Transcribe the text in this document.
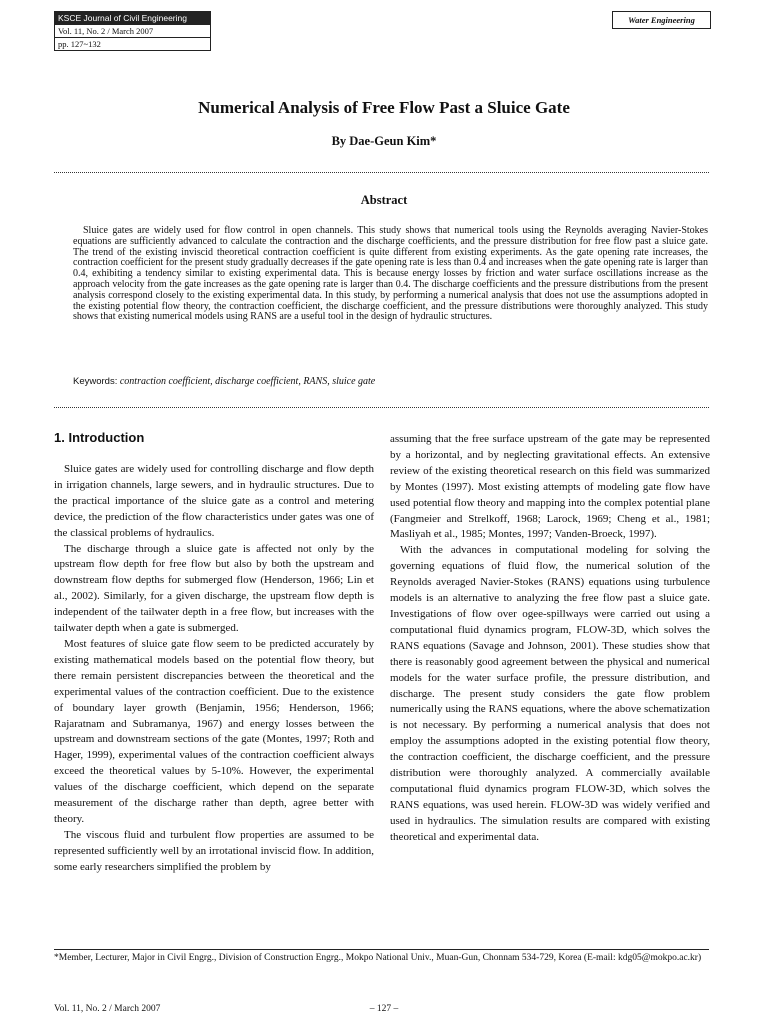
KSCE Journal of Civil Engineering
Vol. 11, No. 2 / March 2007
pp. 127~132
Water Engineering
Numerical Analysis of Free Flow Past a Sluice Gate
By Dae-Geun Kim*
Abstract
Sluice gates are widely used for flow control in open channels. This study shows that numerical tools using the Reynolds averaging Navier-Stokes equations are sufficiently advanced to calculate the contraction and the discharge coefficients, and the pressure distribution for free flow past a sluice gate. The trend of the existing inviscid theoretical contraction coefficient is quite different from existing experiments. As the gate opening rate increases, the contraction coefficient for the present study gradually decreases if the gate opening rate is less than 0.4 and increases when the gate opening rate is larger than 0.4, exhibiting a tendency similar to existing experimental data. This is because energy losses by friction and water surface oscillations increase as the approach velocity from the gate increases as the gate opening rate is larger than 0.4. The discharge coefficients and the pressure distributions from the present analysis correspond closely to the existing experimental data. In this study, by performing a numerical analysis that does not use the assumptions adopted in the existing potential flow theory, the contraction coefficient, the discharge coefficient, and the pressure distributions were thoroughly analyzed. This study shows that existing numerical models using RANS are a useful tool in the design of hydraulic structures.
Keywords: contraction coefficient, discharge coefficient, RANS, sluice gate
1. Introduction

Sluice gates are widely used for controlling discharge and flow depth in irrigation channels, large sewers, and in hydraulic structures. Due to the practical importance of the sluice gate as a control and metering device, the prediction of the flow characteristics under gates was one of the classical problems of hydraulics.

The discharge through a sluice gate is affected not only by the upstream flow depth for free flow but also by both the upstream and downstream flow depths for submerged flow (Henderson, 1966; Lin et al., 2002). Similarly, for a given discharge, the upstream flow depth is independent of the tailwater depth in a free flow, but increases with the tailwater depth when a gate is submerged.

Most features of sluice gate flow seem to be predicted accurately by existing mathematical models based on the potential flow theory, but there remain persistent discrepancies between the theoretical and the experimental values of the contraction coefficient. Due to the existence of boundary layer growth (Benjamin, 1956; Henderson, 1966; Rajaratnam and Subramanya, 1967) and energy losses between the upstream and downstream sections of the gate (Montes, 1997; Roth and Hager, 1999), experimental values of the contraction coefficient always exceed the theoretical values by 5-10%. However, the experimental values of the discharge coefficient, which depend on the separate measurement of the discharge rather than depth, agree better with theory.

The viscous fluid and turbulent flow properties are assumed to be represented sufficiently well by an irrotational inviscid flow. In addition, some early researchers simplified the problem by

assuming that the free surface upstream of the gate may be represented by a horizontal, and by neglecting gravitational effects. An extensive review of the existing theoretical research on this field was summarized by Montes (1997). Most existing attempts of modeling gate flow have used potential flow theory and mapping into the complex potential plane (Fangmeier and Strelkoff, 1968; Larock, 1969; Cheng et al., 1981; Masliyah et al., 1985; Montes, 1997; Vanden-Broeck, 1997).

With the advances in computational modeling for solving the governing equations of fluid flow, the numerical solution of the Reynolds averaged Navier-Stokes (RANS) equations using turbulence models is an alternative to analyzing the free flow past a sluice gate. Investigations of flow over ogee-spillways were carried out using a computational fluid dynamics program, FLOW-3D, which solves the RANS equations (Savage and Johnson, 2001). These studies show that there is reasonably good agreement between the physical and numerical models for the water surface profile, the pressure distribution, and discharge. The present study considers the gate flow problem numerically using the RANS equations, where the above schematization is not necessary. By performing a numerical analysis that does not employ the assumptions adopted in the existing potential flow theory, the contraction coefficient, the discharge coefficient, and the pressure distribution were thoroughly analyzed. A commercially available computational fluid dynamics program FLOW-3D, which solves the RANS equations, was used herein. FLOW-3D was widely verified and used in hydraulics. The simulation results are compared with existing theoretical and experimental data.

*Member, Lecturer, Major in Civil Engrg., Division of Construction Engrg., Mokpo National Univ., Muan-Gun, Chonnam 534-729, Korea (E-mail: kdg05@mokpo.ac.kr)
Vol. 11, No. 2 / March 2007	– 127 –
